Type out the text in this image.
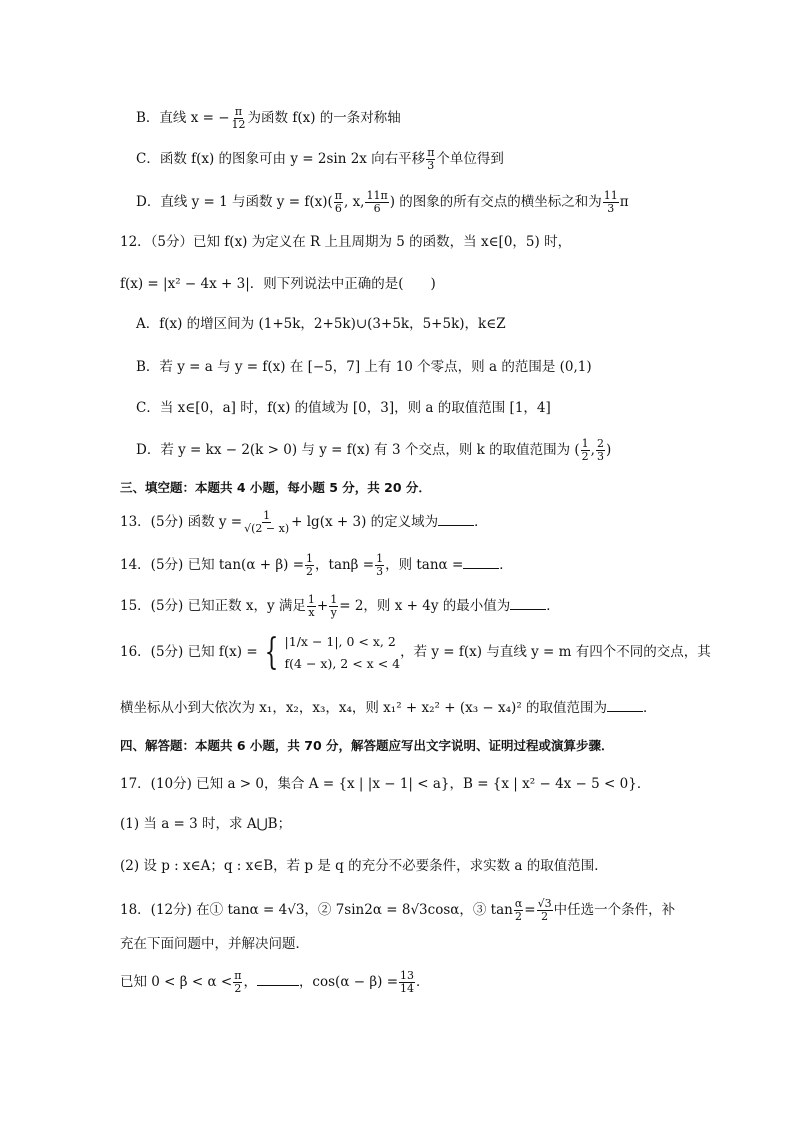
B．直线 x = − $\frac{\pi}{12}$ 为函数 f(x) 的一条对称轴
C．函数 f(x) 的图象可由 y = 2sin 2x 向右平移 $\frac{\pi}{3}$ 个单位得到
D．直线 y = 1 与函数 $y = f(x)( \frac{\pi}{6}$ , x, $\frac{11\pi}{6}$ ) 的图象的所有交点的横坐标之和为 $\frac{11}{3}$ π
12．（5分）已知 f(x) 为定义在 R 上且周期为 5 的函数，当 x∈[0，5) 时，
f(x) = |x² − 4x + 3|．则下列说法中正确的是(　　)
A．f(x) 的增区间为 (1+5k，2+5k)∪(3+5k，5+5k)，k∈Z
B．若 y = a 与 y = f(x) 在 [−5，7] 上有 10 个零点，则 a 的范围是 (0,1)
C．当 x∈[0，a] 时，f(x) 的值域为 [0，3]，则 a 的取值范围 [1，4]
D．若 y = kx − 2(k > 0) 与 y = f(x) 有 3 个交点，则 k 的取值范围为 ( $\frac{1}{2}$ , $\frac{2}{3}$ )
三、填空题：本题共 4 小题，每小题 5 分，共 20 分．
13．(5分) 函数 $y = \frac{1}{√(2 - x)} + \lg(x + 3)$ 的定义域为	．
14．(5分) 已知 $\tan(\alpha + \beta) = \frac{1}{2}$ ，$\tan\beta = \frac{1}{3}$ ，则 tanα =	．
15．(5分) 已知正数 x，y 满足 $\frac{1}{x} + \frac{1}{y} = 2$，则 x + 4y 的最小值为	．
16．(5分) 已知 f(x) = { |1/x − 1|, 0 < x, 2
f(4 − x), 2 < x < 4
，若 y = f(x) 与直线 y = m 有四个不同的交点，其
横坐标从小到大依次为 x₁，x₂，x₃，x₄，则 x₁² + x₂² + (x₃ − x₄)² 的取值范围为	．
四、解答题：本题共 6 小题，共 70 分，解答题应写出文字说明、证明过程或演算步骤．
17．(10分) 已知 a > 0，集合 A = {x | |x − 1| < a}，B = {x | x² − 4x − 5 < 0}．
(1) 当 a = 3 时，求 A⋃B；
(2) 设 p : x∈A；q : x∈B，若 p 是 q 的充分不必要条件，求实数 a 的取值范围．
18．(12分) 在① tanα = 4√3，② 7sin2α = 8√3cosα，③ $\tan \frac{\alpha}{2} = \frac{√3}{2}$ 中任选一个条件，补
充在下面问题中，并解决问题．
已知 $0 < \beta < \alpha < \frac{\pi}{2}$ ，	，$\cos(\alpha - \beta) = \frac{13}{14}$ ．
